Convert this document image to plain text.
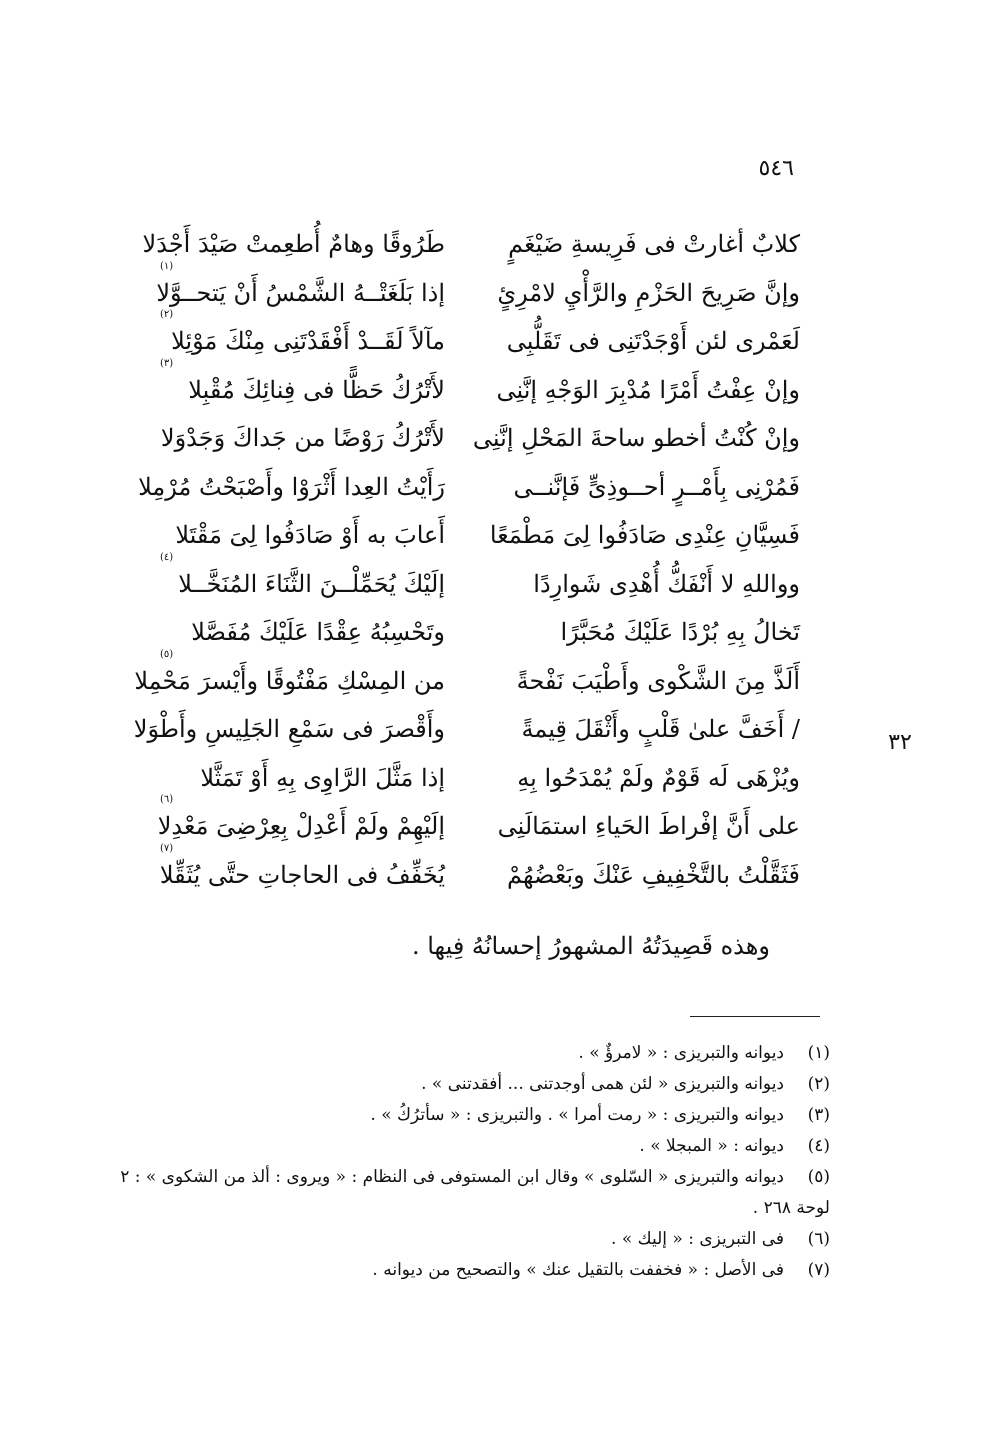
٥٤٦
٣٢
كلابٌ أغارتْ فى فَرِيسةِ ضَيْغَمٍ
طَرُوقًا وهامٌ أُطعِمتْ صَيْدَ أَجْدَلا
وإنَّ صَرِيحَ الحَزْمِ والرَّأْيِ لامْرِئٍ
إذا بَلَغَتْــهُ الشَّمْسُ أَنْ يَتحــوَّلا
(١)
لَعَمْرى لئن أَوْجَدْتَنِى فى تَقَلُّبِى
مآلاً لَقَــدْ أَفْقَدْتَنِى مِنْكَ مَوْئِلا
(٢)
وإنْ عِفْتُ أَمْرًا مُدْبِرَ الوَجْهِ إنَّنِى
لأَتْرُكُ حَظًّا فى فِنائِكَ مُقْبِلا
(٣)
وإنْ كُنْتُ أخطو ساحةَ المَحْلِ إنَّنِى
لأَتْرُكُ رَوْضًا من جَداكَ وَجَدْوَلا
فَمُرْنِى بِأَمْــرٍ أحــوذِىٍّ فَإنَّنــى
رَأَيْتُ العِدا أَثْرَوْا وأَصْبَحْتُ مُرْمِلا
فَسِيَّانِ عِنْدِى صَادَفُوا لِىَ مَطْمَعًا
أَعابَ به أَوْ صَادَفُوا لِىَ مَقْتَلا
وواللهِ لا أَنْفَكُّ أُهْدِى شَوارِدًا
إلَيْكَ يُحَمِّلْــنَ الثَّنَاءَ المُنَخَّــلا
(٤)
تَخالُ بِهِ بُرْدًا عَلَيْكَ مُحَبَّرًا
وتَحْسِبُهُ عِقْدًا عَلَيْكَ مُفَصَّلا
أَلَذَّ مِنَ الشَّكْوى وأَطْيَبَ نَفْحةً
من المِسْكِ مَفْتُوقًا وأَيْسرَ مَحْمِلا
(٥)
/ أَخَفَّ علىٰ قَلْبٍ وأَثْقَلَ قِيمةً
وأَقْصرَ فى سَمْعِ الجَلِيسِ وأَطْوَلا
ويُزْهَى لَه قَوْمٌ ولَمْ يُمْدَحُوا بِهِ
إذا مَثَّلَ الرَّاوِى بِهِ أَوْ تَمَثَّلا
على أَنَّ إفْراطَ الحَياءِ استمَالَنِى
إلَيْهِمْ ولَمْ أَعْدِلْ بِعِرْضِىَ مَعْدِلا
(٦)
فَثَقَّلْتُ بالتَّخْفِيفِ عَنْكَ وبَعْضُهُمْ
يُخَفِّفُ فى الحاجاتِ حتَّى يُثَقِّلا
(٧)
وهذه قَصِيدَتُهُ المشهورُ إحسانُهُ فِيها .
(١)
ديوانه والتبريزى : « لامرؤٌ » .
(٢)
ديوانه والتبريزى « لئن همى أوجدتنى ... أفقدتنى » .
(٣)
ديوانه والتبريزى : « رمت أمرا » . والتبريزى : « سأترُكُ » .
(٤)
ديوانه : « المبجلا » .
(٥)
ديوانه والتبريزى « السّلوى » وقال ابن المستوفى فى النظام : « ويروى : ألذ من الشكوى » : ٢
لوحة ٢٦٨ .
(٦)
فى التبريزى : « إليك » .
(٧)
فى الأصل : « فخففت بالتقيل عنك » والتصحيح من ديوانه .
